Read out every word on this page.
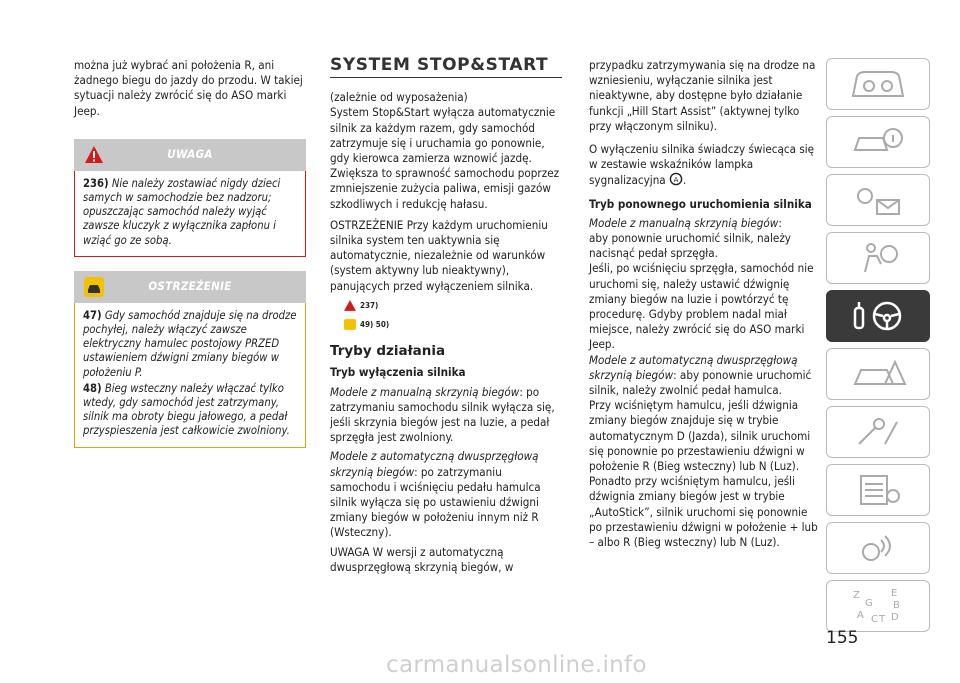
można już wybrać ani położenia R, ani żadnego biegu do jazdy do przodu. W takiej sytuacji należy zwrócić się do ASO marki Jeep.

UWAGA

236) Nie należy zostawiać nigdy dzieci samych w samochodzie bez nadzoru; opuszczając samochód należy wyjąć zawsze kluczyk z wyłącznika zapłonu i wziąć go ze sobą.

OSTRZEŻENIE

47) Gdy samochód znajduje się na drodze pochyłej, należy włączyć zawsze elektryczny hamulec postojowy PRZED ustawieniem dźwigni zmiany biegów w położeniu P.

48) Bieg wsteczny należy włączać tylko wtedy, gdy samochód jest zatrzymany, silnik ma obroty biegu jałowego, a pedał przyspieszenia jest całkowicie zwolniony.

SYSTEM STOP&START

(zależnie od wyposażenia)

System Stop&Start wyłącza automatycznie silnik za każdym razem, gdy samochód zatrzymuje się i uruchamia go ponownie, gdy kierowca zamierza wznowić jazdę.

Zwiększa to sprawność samochodu poprzez zmniejszenie zużycia paliwa, emisji gazów szkodliwych i redukcję hałasu.

OSTRZEŻENIE Przy każdym uruchomieniu silnika system ten uaktywnia się automatycznie, niezależnie od warunków (system aktywny lub nieaktywny), panujących przed wyłączeniem silnika.

237)
49) 50)
Tryby działania
Tryb wyłączenia silnika

Modele z manualną skrzynią biegów: po zatrzymaniu samochodu silnik wyłącza się, jeśli skrzynia biegów jest na luzie, a pedał sprzęgła jest zwolniony.

Modele z automatyczną dwusprzęgłową skrzynią biegów: po zatrzymaniu samochodu i wciśnięciu pedału hamulca silnik wyłącza się po ustawieniu dźwigni zmiany biegów w położeniu innym niż R (Wsteczny).

UWAGA W wersji z automatyczną dwusprzęgłową skrzynią biegów, w

przypadku zatrzymywania się na drodze na wzniesieniu, wyłączanie silnika jest nieaktywne, aby dostępne było działanie funkcji „Hill Start Assist” (aktywnej tylko przy włączonym silniku).

O wyłączeniu silnika świadczy świecąca się w zestawie wskaźników lampka sygnalizacyjna A .

Tryb ponownego uruchomienia silnika

Modele z manualną skrzynią biegów:
aby ponownie uruchomić silnik, należy nacisnąć pedał sprzęgła.

Jeśli, po wciśnięciu sprzęgła, samochód nie uruchomi się, należy ustawić dźwignię zmiany biegów na luzie i powtórzyć tę procedurę. Gdyby problem nadal miał miejsce, należy zwrócić się do ASO marki Jeep.

Modele z automatyczną dwusprzęgłową skrzynią biegów: aby ponownie uruchomić silnik, należy zwolnić pedał hamulca.

Przy wciśniętym hamulcu, jeśli dźwignia zmiany biegów znajduje się w trybie automatycznym D (Jazda), silnik uruchomi się ponownie po przestawieniu dźwigni w położenie R (Bieg wsteczny) lub N (Luz).

Ponadto przy wciśniętym hamulcu, jeśli dźwignia zmiany biegów jest w trybie „AutoStick”, silnik uruchomi się ponownie po przestawieniu dźwigni w położenie + lub – albo R (Bieg wsteczny) lub N (Luz).

Z	E
G B
A C T D
155
carmanualsonline.info
